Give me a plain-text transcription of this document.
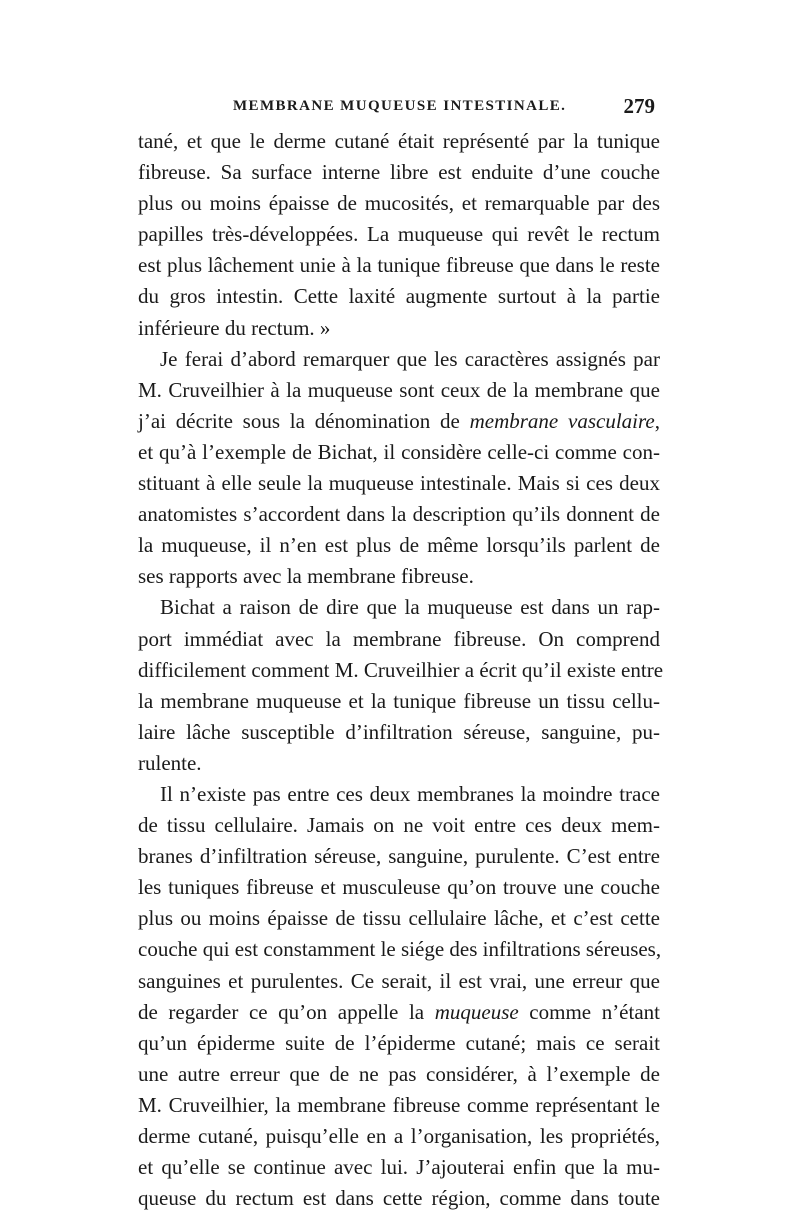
MEMBRANE MUQUEUSE INTESTINALE.	279
tané, et que le derme cutané était représenté par la tunique
fibreuse. Sa surface interne libre est enduite d’une couche
plus ou moins épaisse de mucosités, et remarquable par des
papilles très-développées. La muqueuse qui revêt le rectum
est plus lâchement unie à la tunique fibreuse que dans le reste
du gros intestin. Cette laxité augmente surtout à la partie
inférieure du rectum. »
Je ferai d’abord remarquer que les caractères assignés par
M. Cruveilhier à la muqueuse sont ceux de la membrane que
j’ai décrite sous la dénomination de membrane vasculaire,
et qu’à l’exemple de Bichat, il considère celle-ci comme con-
stituant à elle seule la muqueuse intestinale. Mais si ces deux
anatomistes s’accordent dans la description qu’ils donnent de
la muqueuse, il n’en est plus de même lorsqu’ils parlent de
ses rapports avec la membrane fibreuse.
Bichat a raison de dire que la muqueuse est dans un rap-
port immédiat avec la membrane fibreuse. On comprend
difficilement comment M. Cruveilhier a écrit qu’il existe entre
la membrane muqueuse et la tunique fibreuse un tissu cellu-
laire lâche susceptible d’infiltration séreuse, sanguine, pu-
rulente.
Il n’existe pas entre ces deux membranes la moindre trace
de tissu cellulaire. Jamais on ne voit entre ces deux mem-
branes d’infiltration séreuse, sanguine, purulente. C’est entre
les tuniques fibreuse et musculeuse qu’on trouve une couche
plus ou moins épaisse de tissu cellulaire lâche, et c’est cette
couche qui est constamment le siége des infiltrations séreuses,
sanguines et purulentes. Ce serait, il est vrai, une erreur que
de regarder ce qu’on appelle la muqueuse comme n’étant
qu’un épiderme suite de l’épiderme cutané; mais ce serait
une autre erreur que de ne pas considérer, à l’exemple de
M. Cruveilhier, la membrane fibreuse comme représentant le
derme cutané, puisqu’elle en a l’organisation, les propriétés,
et qu’elle se continue avec lui. J’ajouterai enfin que la mu-
queuse du rectum est dans cette région, comme dans toute
